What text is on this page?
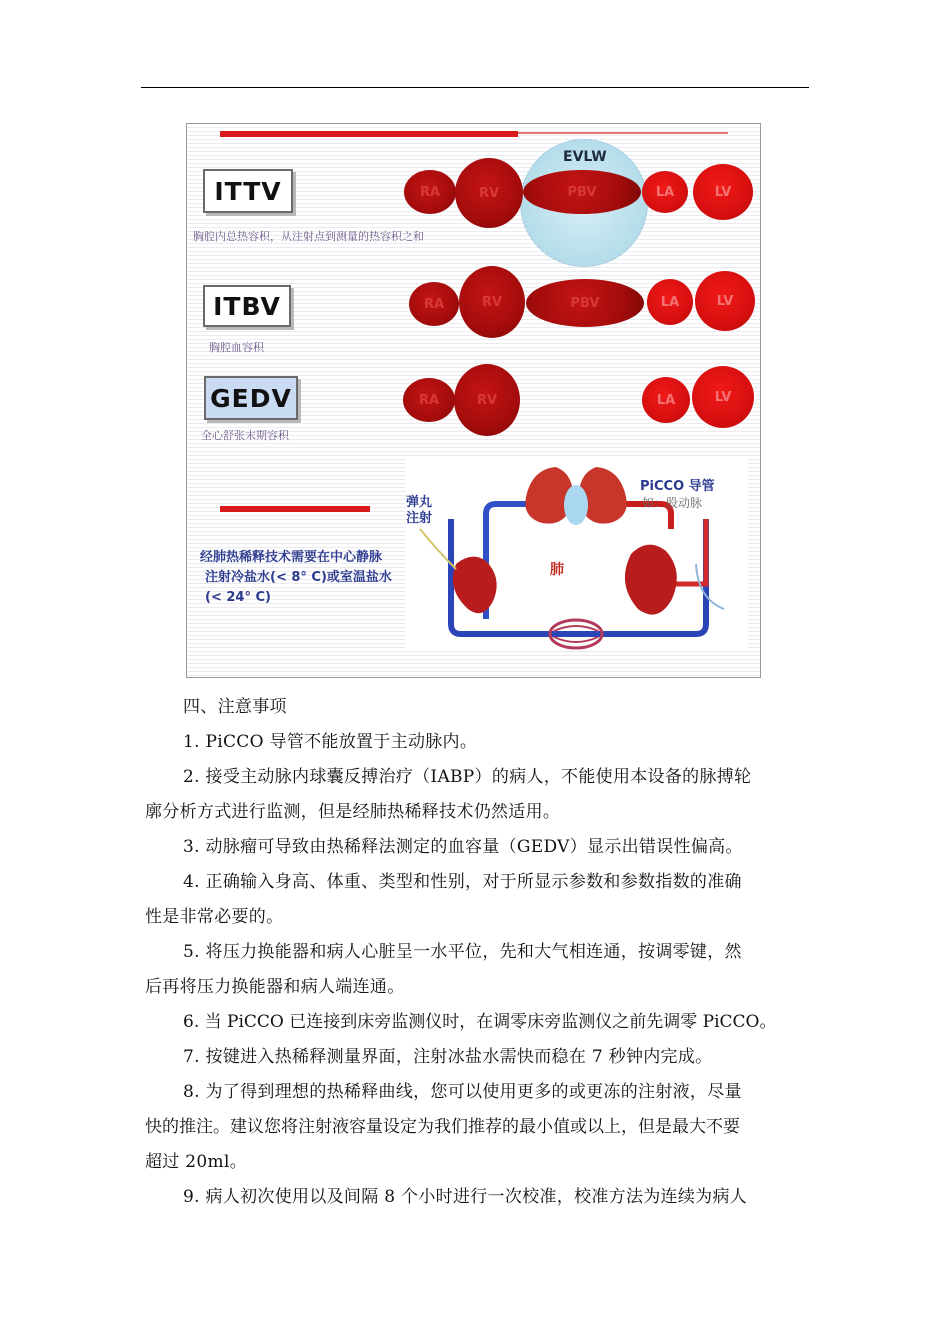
ITTV
胸腔内总热容积，从注射点到测量的热容积之和
EVLW
RA	RV	PBV	LA	LV
ITBV
胸腔血容积
RA	RV	PBV	LA	LV
GEDV
全心舒张末期容积
RA	RV	LA	LV
经肺热稀释技术需要在中心静脉
注射冷盐水(< 8° C)或室温盐水
(< 24° C)
弹丸注射
肺
PiCCO 导管
如：股动脉
四、注意事项
1. PiCCO 导管不能放置于主动脉内。
2. 接受主动脉内球囊反搏治疗（IABP）的病人，不能使用本设备的脉搏轮
廓分析方式进行监测，但是经肺热稀释技术仍然适用。
3. 动脉瘤可导致由热稀释法测定的血容量（GEDV）显示出错误性偏高。
4. 正确输入身高、体重、类型和性别，对于所显示参数和参数指数的准确
性是非常必要的。
5. 将压力换能器和病人心脏呈一水平位，先和大气相连通，按调零键，然
后再将压力换能器和病人端连通。
6. 当 PiCCO 已连接到床旁监测仪时，在调零床旁监测仪之前先调零 PiCCO。
7. 按键进入热稀释测量界面，注射冰盐水需快而稳在 7 秒钟内完成。
8. 为了得到理想的热稀释曲线，您可以使用更多的或更冻的注射液，尽量
快的推注。建议您将注射液容量设定为我们推荐的最小值或以上，但是最大不要
超过 20ml。
9. 病人初次使用以及间隔 8 个小时进行一次校准，校准方法为连续为病人
